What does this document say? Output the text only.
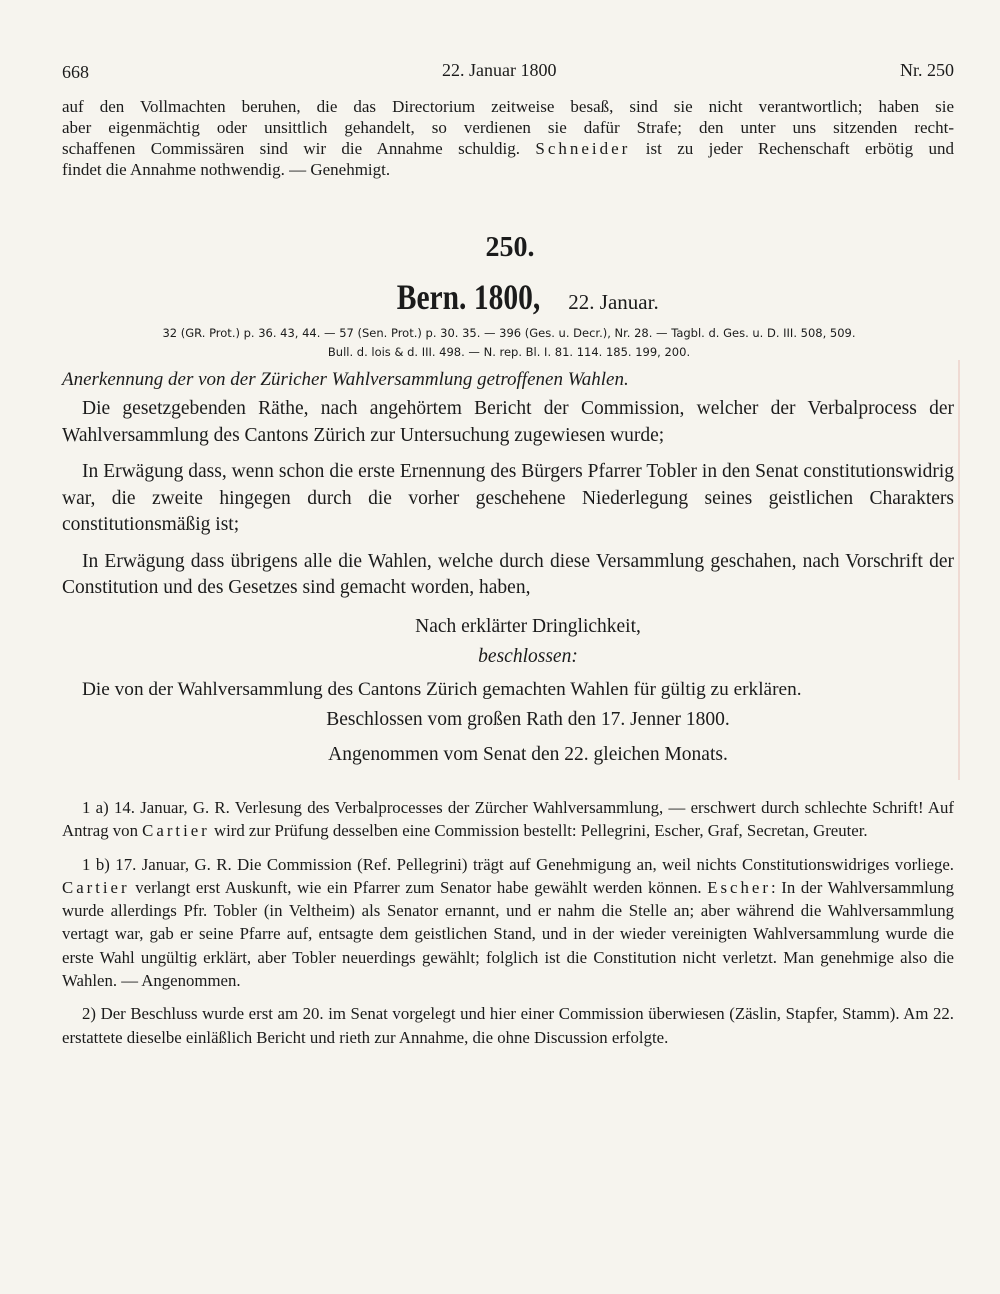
668	22. Januar 1800	Nr. 250

auf den Vollmachten beruhen, die das Directorium zeitweise besaß, sind sie nicht verantwortlich; haben sie

aber eigenmächtig oder unsittlich gehandelt, so verdienen sie dafür Strafe; den unter uns sitzenden recht-

schaffenen Commissären sind wir die Annahme schuldig. Schneider ist zu jeder Rechenschaft erbötig und

findet die Annahme nothwendig. — Genehmigt.

250.
Bern. 1800, 22. Januar.
32 (GR. Prot.) p. 36. 43, 44. — 57 (Sen. Prot.) p. 30. 35. — 396 (Ges. u. Decr.), Nr. 28. — Tagbl. d. Ges. u. D. III. 508, 509.
Bull. d. lois & d. III. 498. — N. rep. Bl. I. 81. 114. 185. 199, 200.
Anerkennung der von der Züricher Wahlversammlung getroffenen Wahlen.

Die gesetzgebenden Räthe, nach angehörtem Bericht der Commission, welcher der Verbalprocess der Wahlversammlung des Cantons Zürich zur Untersuchung zugewiesen wurde;

In Erwägung dass, wenn schon die erste Ernennung des Bürgers Pfarrer Tobler in den Senat constitutionswidrig war, die zweite hingegen durch die vorher geschehene Niederlegung seines geistlichen Charakters constitutionsmäßig ist;

In Erwägung dass übrigens alle die Wahlen, welche durch diese Versammlung geschahen, nach Vorschrift der Constitution und des Gesetzes sind gemacht worden, haben,

Nach erklärter Dringlichkeit,

beschlossen:

Die von der Wahlversammlung des Cantons Zürich gemachten Wahlen für gültig zu erklären.

Beschlossen vom großen Rath den 17. Jenner 1800.

Angenommen vom Senat den 22. gleichen Monats.

1 a) 14. Januar, G. R. Verlesung des Verbalprocesses der Zürcher Wahlversammlung, — erschwert durch schlechte Schrift! Auf Antrag von Cartier wird zur Prüfung desselben eine Commission bestellt: Pellegrini, Escher, Graf, Secretan, Greuter.

1 b) 17. Januar, G. R. Die Commission (Ref. Pellegrini) trägt auf Genehmigung an, weil nichts Constitutionswidriges vorliege. Cartier verlangt erst Auskunft, wie ein Pfarrer zum Senator habe gewählt werden können. Escher: In der Wahlversammlung wurde allerdings Pfr. Tobler (in Veltheim) als Senator ernannt, und er nahm die Stelle an; aber während die Wahlversammlung vertagt war, gab er seine Pfarre auf, entsagte dem geistlichen Stand, und in der wieder vereinigten Wahlversammlung wurde die erste Wahl ungültig erklärt, aber Tobler neuerdings gewählt; folglich ist die Constitution nicht verletzt. Man genehmige also die Wahlen. — Angenommen.

2) Der Beschluss wurde erst am 20. im Senat vorgelegt und hier einer Commission überwiesen (Zäslin, Stapfer, Stamm). Am 22. erstattete dieselbe einläßlich Bericht und rieth zur Annahme, die ohne Discussion erfolgte.
